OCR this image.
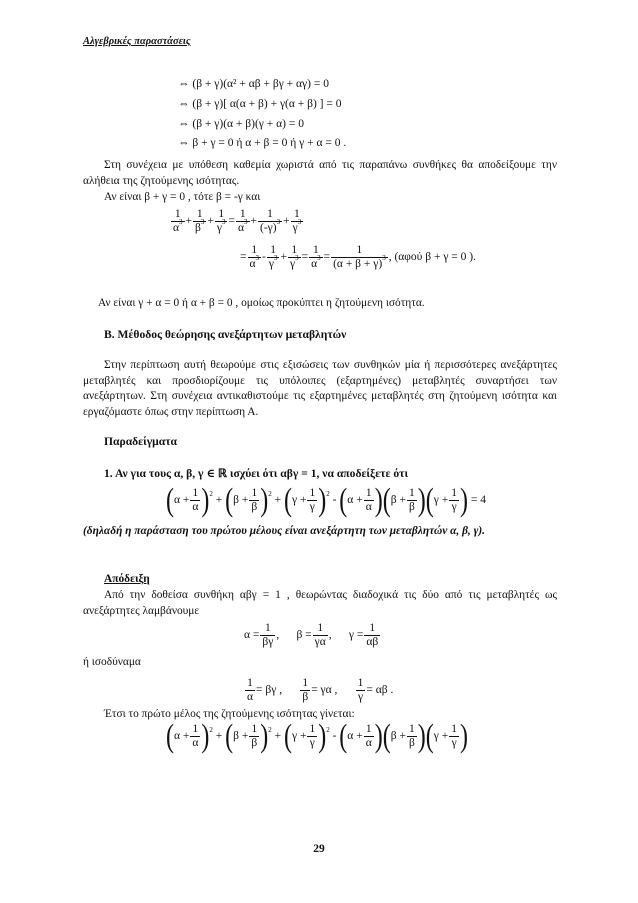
Αλγεβρικές παραστάσεις
⇔ (β + γ)(α² + αβ + βγ + αγ) = 0
⇔ (β + γ)[ α(α + β) + γ(α + β) ] = 0
⇔ (β + γ)(α + β)(γ + α) = 0
⇔ β + γ = 0 ή α + β = 0 ή γ + α = 0 .
Στη συνέχεια με υπόθεση καθεμία χωριστά από τις παραπάνω συνθήκες θα αποδείξουμε την αλήθεια της ζητούμενης ισότητας.
Αν είναι β + γ = 0 , τότε β = -γ και
$\frac{1}{\alpha^3} + \frac{1}{\beta^3} + \frac{1}{\gamma^3} = \frac{1}{\alpha^3} + \frac{1}{(-\gamma)^3} + \frac{1}{\gamma^3}$
= $\frac{1}{\alpha^3} - \frac{1}{\gamma^3} + \frac{1}{\gamma^3} = \frac{1}{\alpha^3} = \frac{1}{(\alpha + \beta + \gamma)^3}$ , (αφού β + γ = 0 ).
Αν είναι γ + α = 0 ή α + β = 0 , ομοίως προκύπτει η ζητούμενη ισότητα.
Β. Μέθοδος θεώρησης ανεξάρτητων μεταβλητών
Στην περίπτωση αυτή θεωρούμε στις εξισώσεις των συνθηκών μία ή περισσότερες ανεξάρτητες μεταβλητές και προσδιορίζουμε τις υπόλοιπες (εξαρτημένες) μεταβλητές συναρτήσει των ανεξάρτητων. Στη συνέχεια αντικαθιστούμε τις εξαρτημένες μεταβλητές στη ζητούμενη ισότητα και εργαζόμαστε όπως στην περίπτωση Α.
Παραδείγματα
1. Αν για τους α, β, γ ∈ ℝ ισχύει ότι αβγ = 1, να αποδείξετε ότι
$(\alpha + \frac{1}{\alpha} )^2 + (\beta + \frac{1}{\beta} )^2 + (\gamma + \frac{1}{\gamma} )^2 - (\alpha + \frac{1}{\alpha} )(\beta + \frac{1}{\beta} )(\gamma + \frac{1}{\gamma}$ ) = 4
(δηλαδή η παράσταση του πρώτου μέλους είναι ανεξάρτητη των μεταβλητών α, β, γ).
Απόδειξη
Από την δοθείσα συνθήκη αβγ = 1 , θεωρώντας διαδοχικά τις δύο από τις μεταβλητές ως ανεξάρτητες λαμβάνουμε
$\alpha = \frac{1}{\beta\gamma}$ ,      $\beta = \frac{1}{\gamma\alpha}$ ,      $\gamma = \frac{1}{\alpha\beta}$
ή ισοδύναμα
$\frac{1}{\alpha} = \beta\gamma$ , $\frac{1}{\beta} = \gamma\alpha$ , $\frac{1}{\gamma} = \alpha\beta$ .
Έτσι το πρώτο μέλος της ζητούμενης ισότητας γίνεται:
$(\alpha + \frac{1}{\alpha} )^2 + (\beta + \frac{1}{\beta} )^2 + (\gamma + \frac{1}{\gamma} )^2 - (\alpha + \frac{1}{\alpha} )(\beta + \frac{1}{\beta} )(\gamma + \frac{1}{\gamma}$ )
29
